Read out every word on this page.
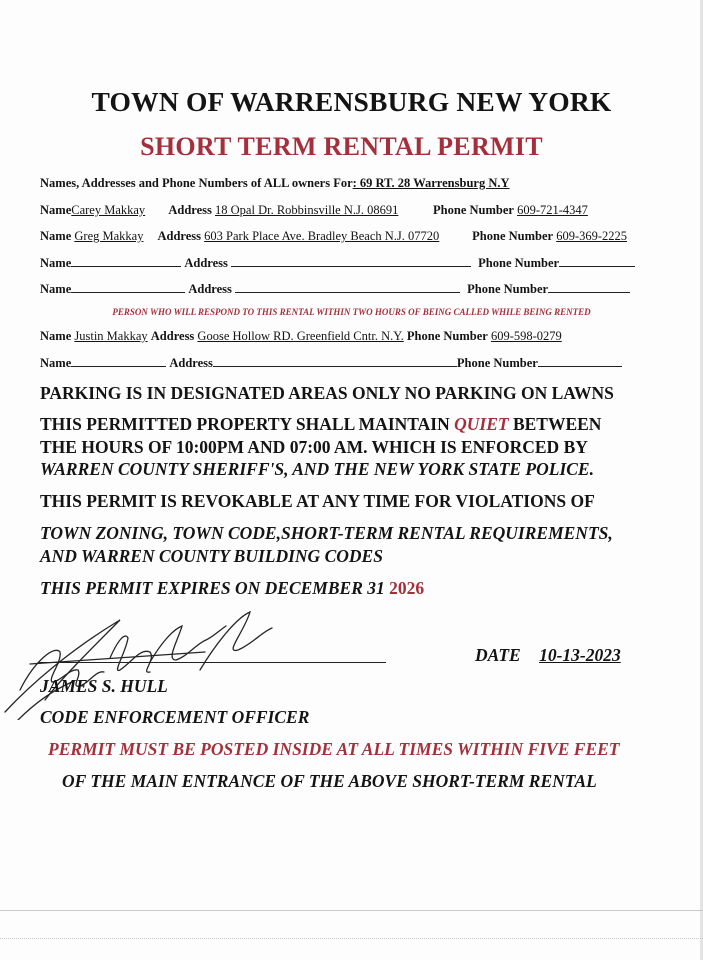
TOWN OF WARRENSBURG NEW YORK
SHORT TERM RENTAL PERMIT
Names, Addresses and Phone Numbers of ALL owners For: 69 RT. 28 Warrensburg N.Y
NameCarey Makkay Address 18 Opal Dr. Robbinsville N.J. 08691	Phone Number 609-721-4347
Name Greg Makkay Address 603 Park Place Ave. Bradley Beach N.J. 07720	Phone Number 609-369-2225
Name	Address	Phone Number
Name	Address	Phone Number
PERSON WHO WILL RESPOND TO THIS RENTAL WITHIN TWO HOURS OF BEING CALLED WHILE BEING RENTED
Name Justin Makkay Address Goose Hollow RD. Greenfield Cntr. N.Y. Phone Number 609-598-0279
Name	Address	Phone Number
PARKING IS IN DESIGNATED AREAS ONLY NO PARKING ON LAWNS
THIS PERMITTED PROPERTY SHALL MAINTAIN QUIET BETWEEN
THE HOURS OF 10:00PM AND 07:00 AM. WHICH IS ENFORCED BY
WARREN COUNTY SHERIFF'S, AND THE NEW YORK STATE POLICE.
THIS PERMIT IS REVOKABLE AT ANY TIME FOR VIOLATIONS OF
TOWN ZONING, TOWN CODE,SHORT-TERM RENTAL REQUIREMENTS,
AND WARREN COUNTY BUILDING CODES
THIS PERMIT EXPIRES ON DECEMBER 31 2026
DATE 10-13-2023
JAMES S. HULL
CODE ENFORCEMENT OFFICER
PERMIT MUST BE POSTED INSIDE AT ALL TIMES WITHIN FIVE FEET
OF THE MAIN ENTRANCE OF THE ABOVE SHORT-TERM RENTAL
